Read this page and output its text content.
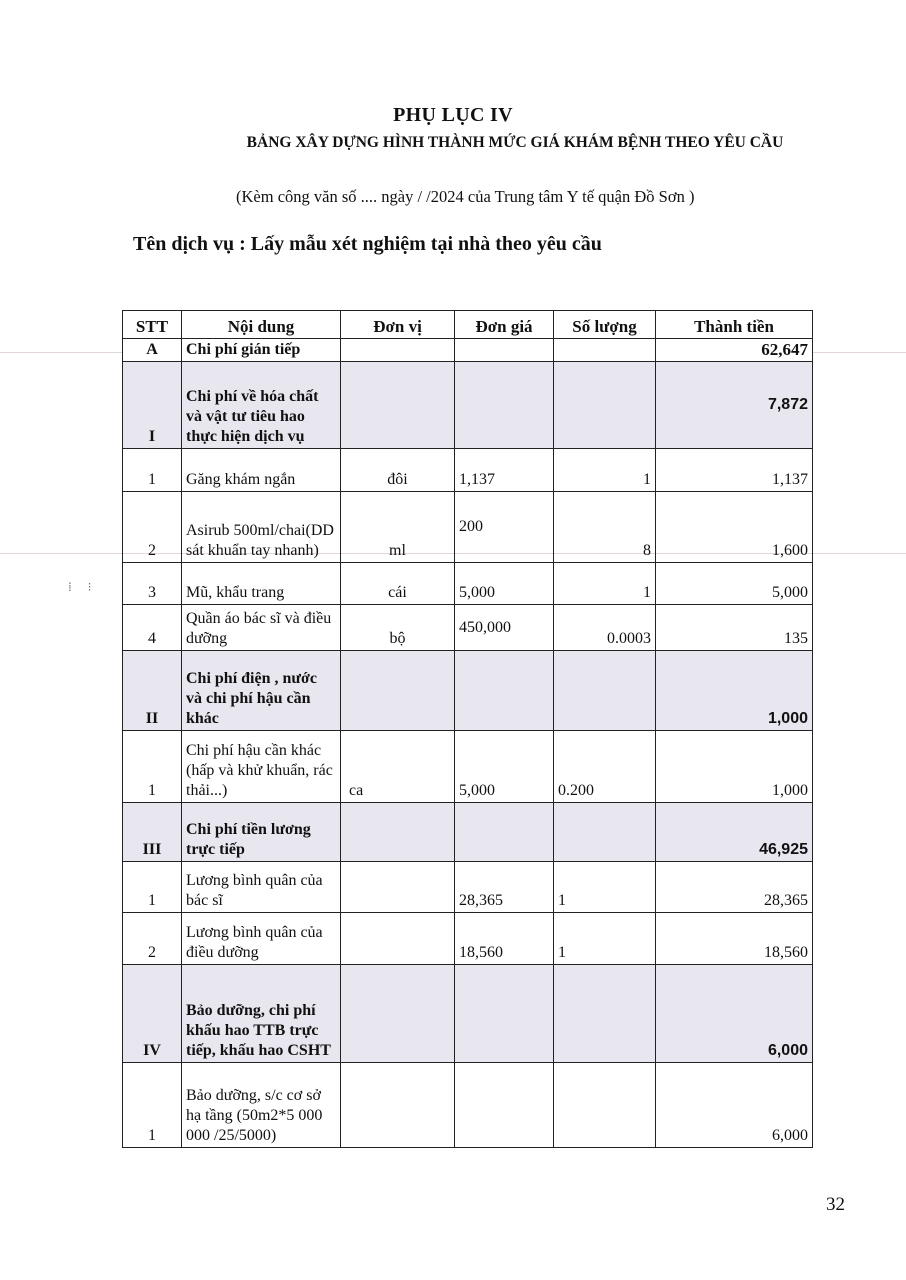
⁞ ⁝
PHỤ LỤC IV
BẢNG XÂY DỰNG HÌNH THÀNH MỨC GIÁ KHÁM BỆNH THEO YÊU CẦU
(Kèm công văn số .... ngày / /2024 của Trung tâm Y tế quận Đồ Sơn )
Tên dịch vụ : Lấy mẫu xét nghiệm tại nhà theo yêu cầu
STT	Nội dung	Đơn vị	Đơn giá	Số lượng	Thành tiền
A	Chi phí gián tiếp				62,647
I	Chi phí về hóa chất và vật tư tiêu hao thực hiện dịch vụ				7,872
1	Găng khám ngắn	đôi	1,137	1	1,137
2	Asirub 500ml/chai(DD sát khuẩn tay nhanh)	ml	200	8	1,600
3	Mũ, khẩu trang	cái	5,000	1	5,000
4	Quần áo bác sĩ và điều dưỡng	bộ	450,000	0.0003	135
II	Chi phí điện , nước và chi phí hậu cần khác				1,000
1	Chi phí hậu cần khác (hấp và khử khuẩn, rác thải...)	ca	5,000	0.200	1,000
III	Chi phí tiền lương trực tiếp				46,925
1	Lương bình quân của bác sĩ		28,365	1	28,365
2	Lương bình quân của điều dưỡng		18,560	1	18,560
IV	Bảo dưỡng, chi phí khấu hao TTB trực tiếp, khấu hao CSHT				6,000
1	Bảo dưỡng, s/c cơ sở hạ tầng (50m2*5 000 000 /25/5000)				6,000
32
